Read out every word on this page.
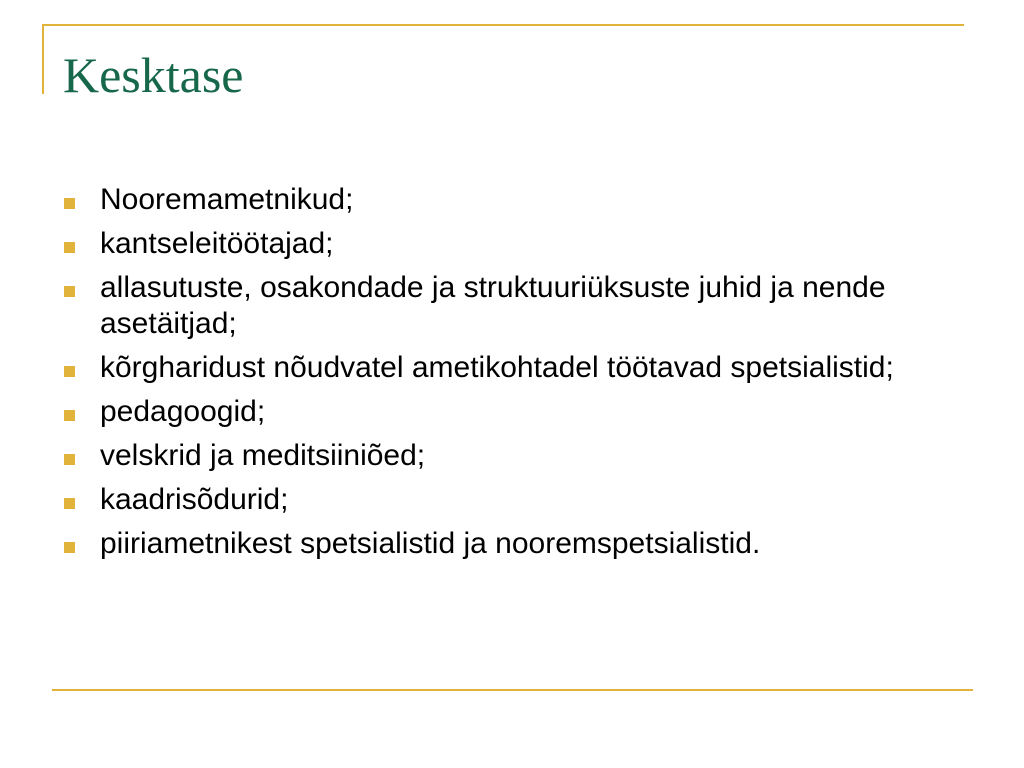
Kesktase
Nooremametnikud;
kantseleitöötajad;
allasutuste, osakondade ja struktuuriüksuste juhid ja nende asetäitjad;
kõrgharidust nõudvatel ametikohtadel töötavad spetsialistid;
pedagoogid;
velskrid ja meditsiiniõed;
kaadrisõdurid;
piiriametnikest spetsialistid ja nooremspetsialistid.
